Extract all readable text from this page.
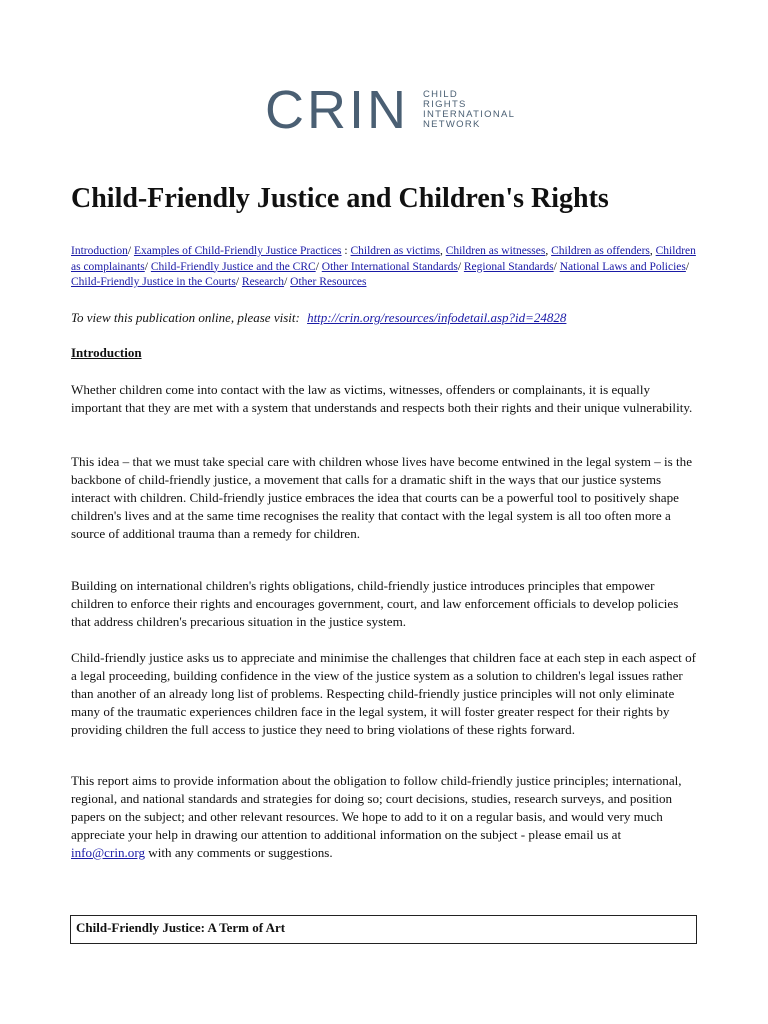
CRIN CHILD
RIGHTS
INTERNATIONAL
NETWORK
Child-Friendly Justice and Children's Rights
Introduction/ Examples of Child-Friendly Justice Practices : Children as victims, Children as witnesses, Children as offenders, Children as complainants/ Child-Friendly Justice and the CRC/ Other International Standards/ Regional Standards/ National Laws and Policies/ Child-Friendly Justice in the Courts/ Research/ Other Resources
To view this publication online, please visit: http://crin.org/resources/infodetail.asp?id=24828
Introduction

Whether children come into contact with the law as victims, witnesses, offenders or complainants, it is equally important that they are met with a system that understands and respects both their rights and their unique vulnerability.

This idea – that we must take special care with children whose lives have become entwined in the legal system – is the backbone of child-friendly justice, a movement that calls for a dramatic shift in the ways that our justice systems interact with children. Child-friendly justice embraces the idea that courts can be a powerful tool to positively shape children's lives and at the same time recognises the reality that contact with the legal system is all too often more a source of additional trauma than a remedy for children.

Building on international children's rights obligations, child-friendly justice introduces principles that empower children to enforce their rights and encourages government, court, and law enforcement officials to develop policies that address children's precarious situation in the justice system.

Child-friendly justice asks us to appreciate and minimise the challenges that children face at each step in each aspect of a legal proceeding, building confidence in the view of the justice system as a solution to children's legal issues rather than another of an already long list of problems. Respecting child-friendly justice principles will not only eliminate many of the traumatic experiences children face in the legal system, it will foster greater respect for their rights by providing children the full access to justice they need to bring violations of these rights forward.

This report aims to provide information about the obligation to follow child-friendly justice principles; international, regional, and national standards and strategies for doing so; court decisions, studies, research surveys, and position papers on the subject; and other relevant resources. We hope to add to it on a regular basis, and would very much appreciate your help in drawing our attention to additional information on the subject - please email us at info@crin.org with any comments or suggestions.

Child-Friendly Justice: A Term of Art
